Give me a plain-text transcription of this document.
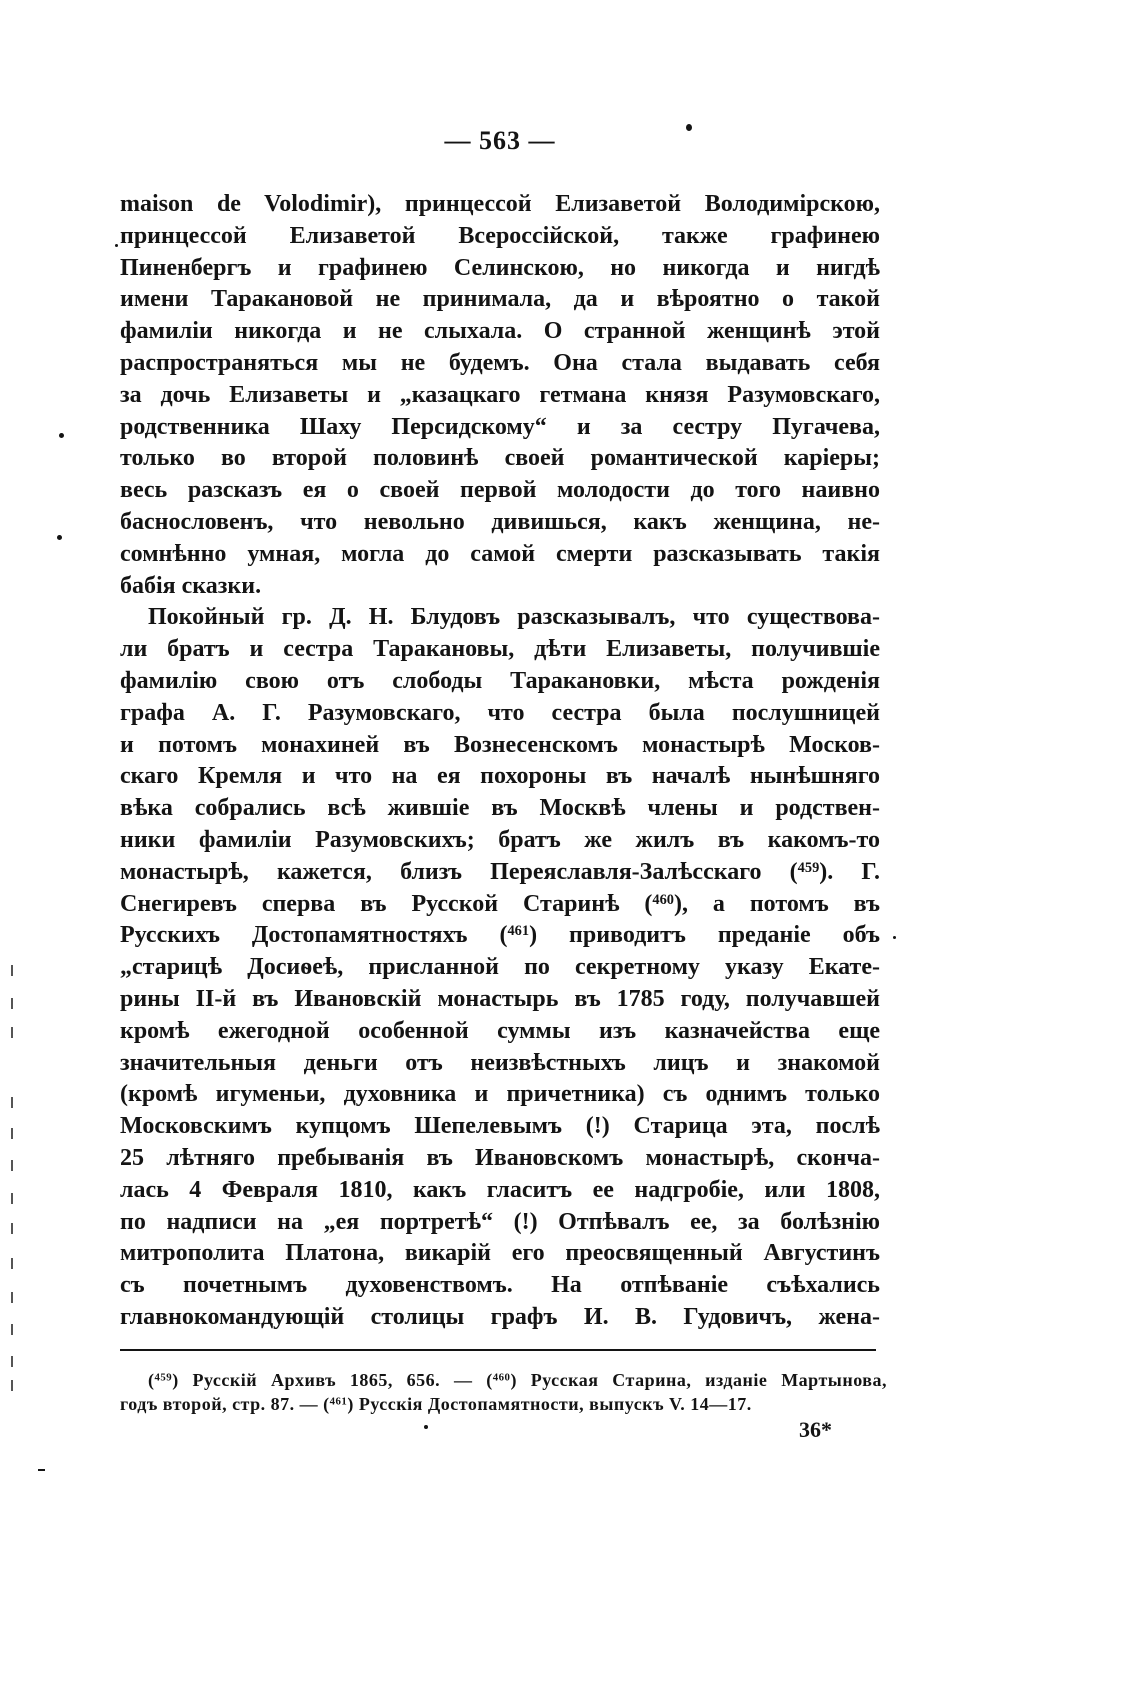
— 563 —
maison de Volodimir), принцессой Елизаветой Володимірскою,
принцессой Елизаветой Всероссійской, также графинею
Пиненбергъ и графинею Селинскою, но никогда и нигдѣ
имени Таракановой не принимала, да и вѣроятно о такой
фамиліи никогда и не слыхала. О странной женщинѣ этой
распространяться мы не будемъ. Она стала выдавать себя
за дочь Елизаветы и „казацкаго гетмана князя Разумовскаго,
родственника Шаху Персидскому“ и за сестру Пугачева,
только во второй половинѣ своей романтической каріеры;
весь разсказъ ея о своей первой молодости до того наивно
баснословенъ, что невольно дивишься, какъ женщина, не-
сомнѣнно умная, могла до самой смерти разсказывать такія
бабія сказки.
Покойный гр. Д. Н. Блудовъ разсказывалъ, что существова-
ли братъ и сестра Таракановы, дѣти Елизаветы, получившіе
фамилію свою отъ слободы Таракановки, мѣста рожденія
графа А. Г. Разумовскаго, что сестра была послушницей
и потомъ монахиней въ Вознесенскомъ монастырѣ Москов-
скаго Кремля и что на ея похороны въ началѣ нынѣшняго
вѣка собрались всѣ жившіе въ Москвѣ члены и родствен-
ники фамиліи Разумовскихъ; братъ же жилъ въ какомъ-то
монастырѣ, кажется, близъ Переяславля-Залѣсскаго ($^{459}$). Г.
Снегиревъ сперва въ Русской Старинѣ ($^{460}$), а потомъ въ
Русскихъ Достопамятностяхъ ($^{461}$) приводитъ преданіе объ
„старицѣ Досиѳеѣ, присланной по секретному указу Екате-
рины II-й въ Ивановскій монастырь въ 1785 году, получавшей
кромѣ ежегодной особенной суммы изъ казначейства еще
значительныя деньги отъ неизвѣстныхъ лицъ и знакомой
(кромѣ игуменьи, духовника и причетника) съ однимъ только
Московскимъ купцомъ Шепелевымъ (!) Старица эта, послѣ
25 лѣтняго пребыванія въ Ивановскомъ монастырѣ, сконча-
лась 4 Февраля 1810, какъ гласитъ ее надгробіе, или 1808,
по надписи на „ея портретѣ“ (!) Отпѣвалъ ее, за болѣзнію
митрополита Платона, викарій его преосвященный Августинъ
съ почетнымъ духовенствомъ. На отпѣваніе съѣхались
главнокомандующій столицы графъ И. В. Гудовичъ, жена-
($^{459}$) Русскій Архивъ 1865, 656. — ($^{460}$) Русская Старина, изданіе Мартынова,
годъ второй, стр. 87. — ($^{461}$) Русскія Достопамятности, выпускъ V. 14—17.
36*
